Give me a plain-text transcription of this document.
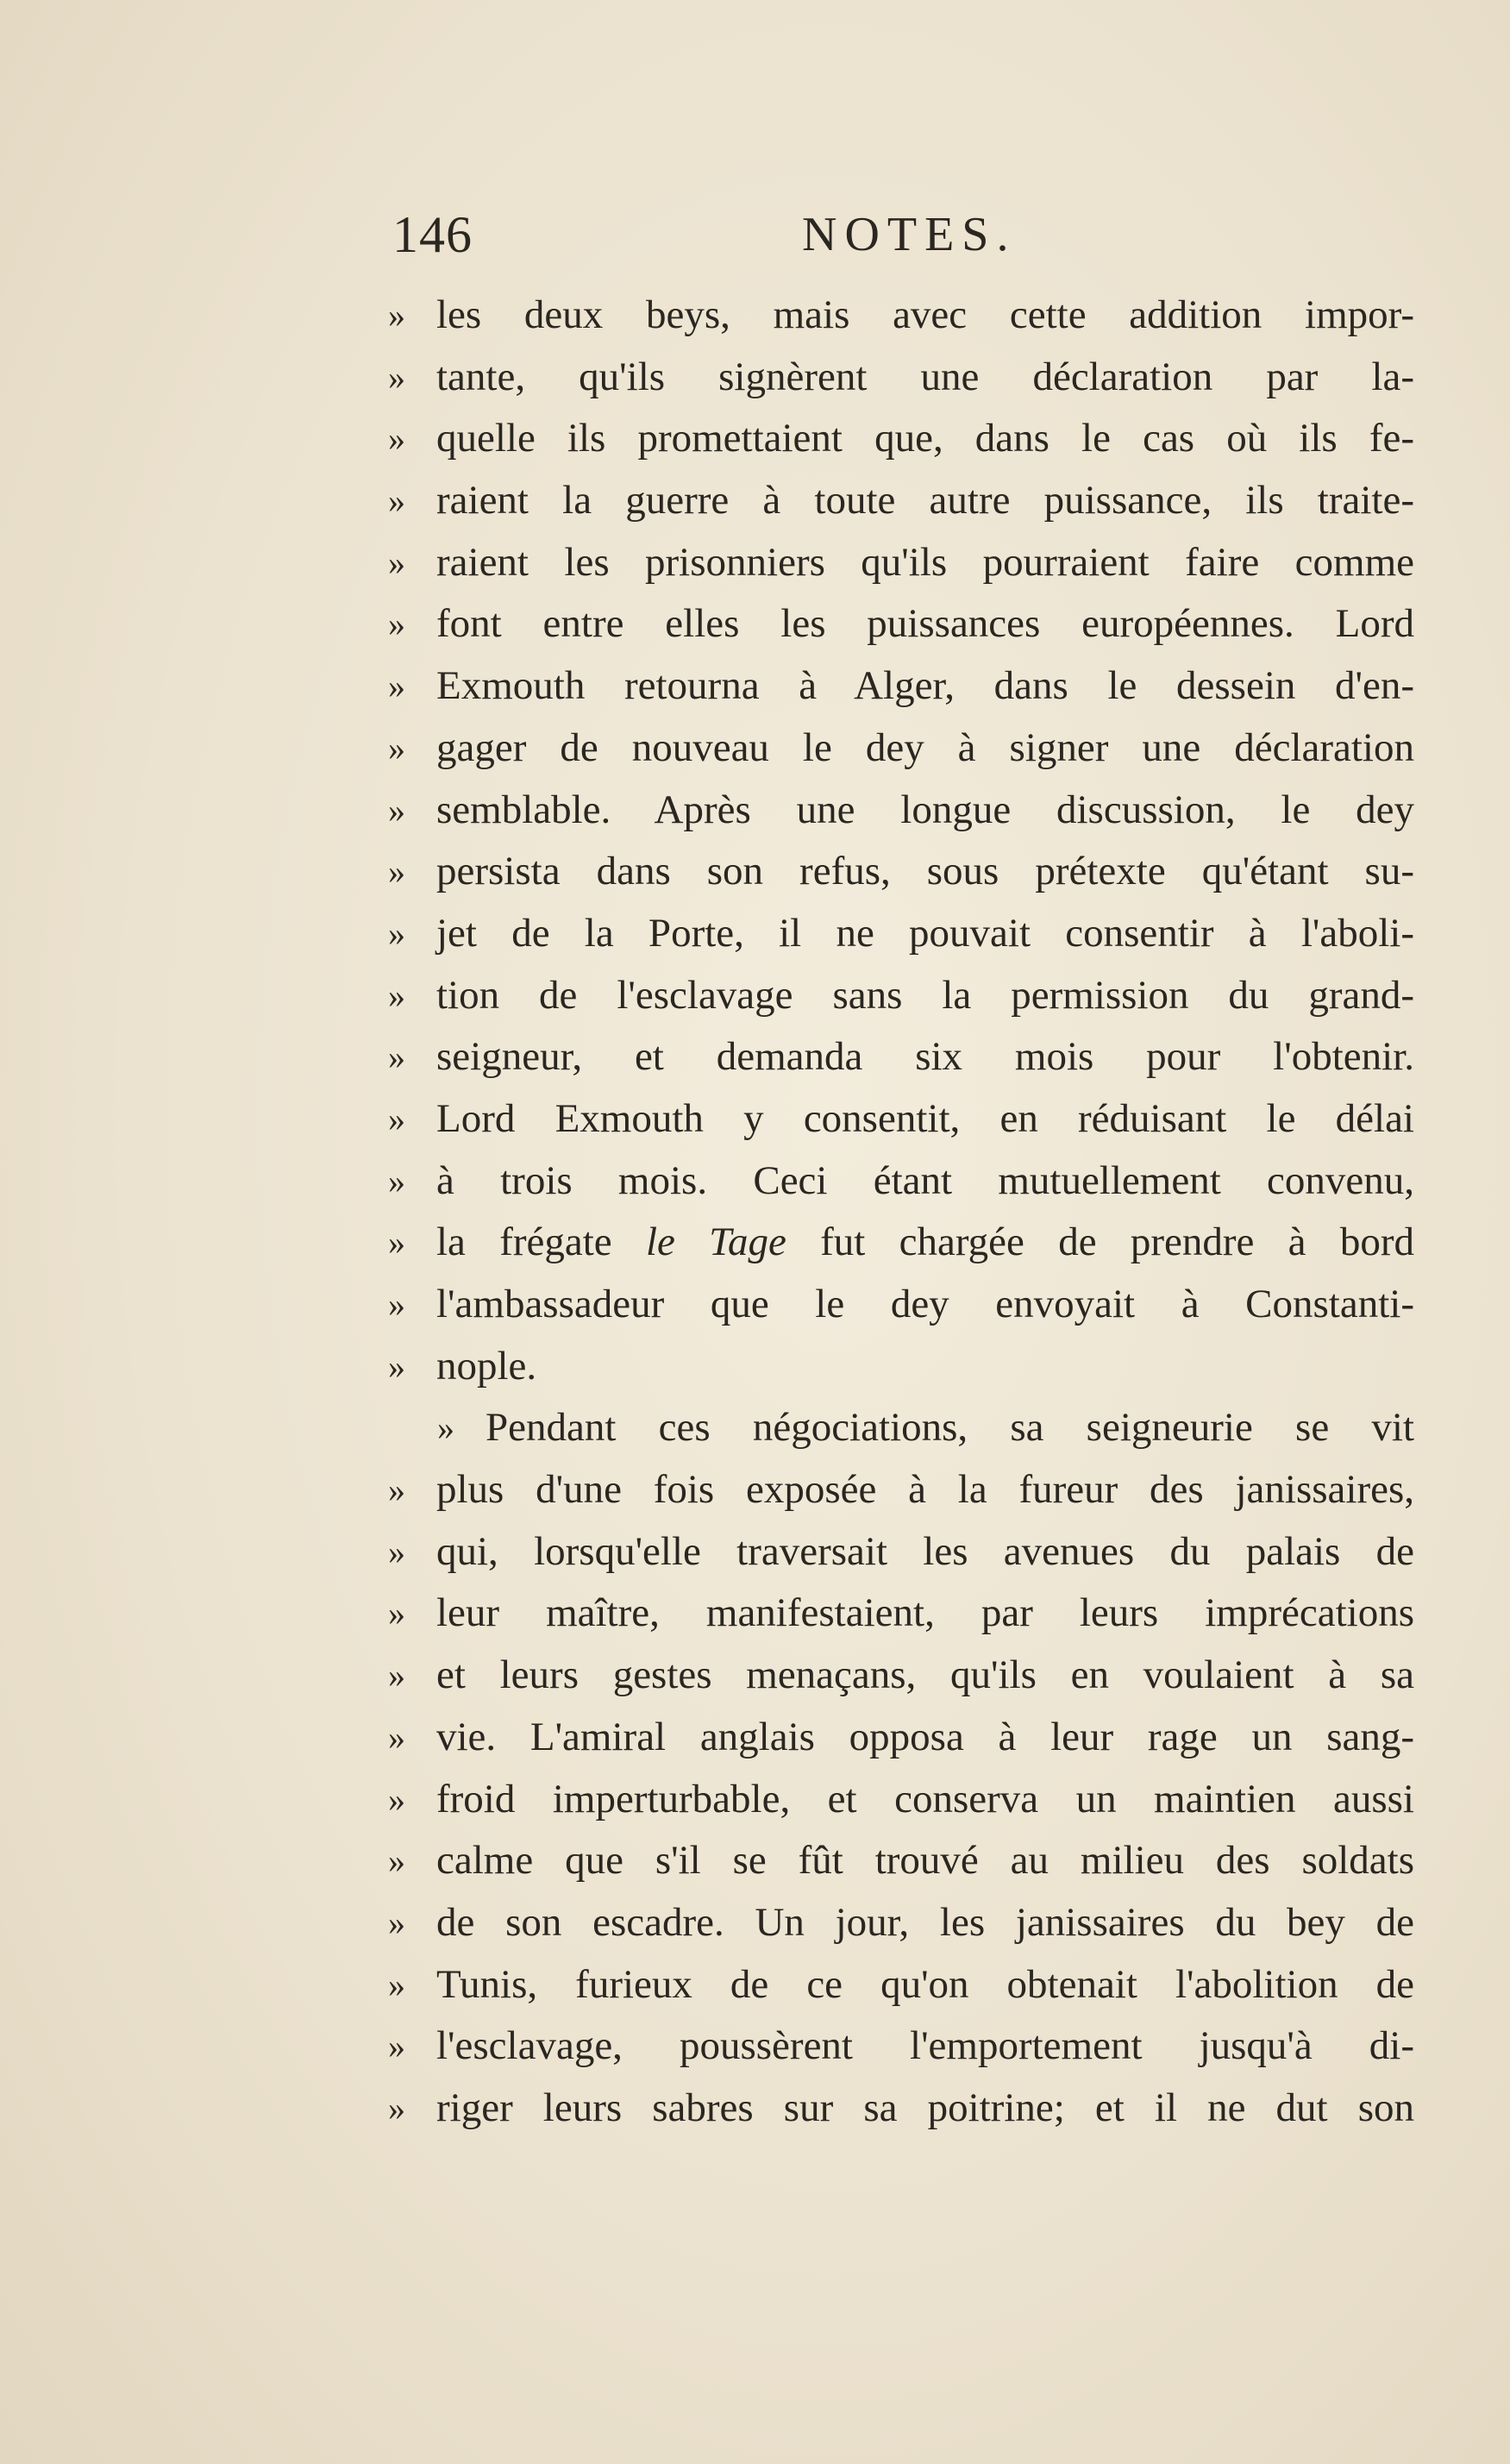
146	NOTES.
» les deux beys, mais avec cette addition impor-
» tante, qu'ils signèrent une déclaration par la-
» quelle ils promettaient que, dans le cas où ils fe-
» raient la guerre à toute autre puissance, ils traite-
» raient les prisonniers qu'ils pourraient faire comme
» font entre elles les puissances européennes. Lord
» Exmouth retourna à Alger, dans le dessein d'en-
» gager de nouveau le dey à signer une déclaration
» semblable. Après une longue discussion, le dey
» persista dans son refus, sous prétexte qu'étant su-
» jet de la Porte, il ne pouvait consentir à l'aboli-
» tion de l'esclavage sans la permission du grand-
» seigneur, et demanda six mois pour l'obtenir.
» Lord Exmouth y consentit, en réduisant le délai
» à trois mois. Ceci étant mutuellement convenu,
» la frégate le Tage fut chargée de prendre à bord
» l'ambassadeur que le dey envoyait à Constanti-
» nople.
» Pendant ces négociations, sa seigneurie se vit
» plus d'une fois exposée à la fureur des janissaires,
» qui, lorsqu'elle traversait les avenues du palais de
» leur maître, manifestaient, par leurs imprécations
» et leurs gestes menaçans, qu'ils en voulaient à sa
» vie. L'amiral anglais opposa à leur rage un sang-
» froid imperturbable, et conserva un maintien aussi
» calme que s'il se fût trouvé au milieu des soldats
» de son escadre. Un jour, les janissaires du bey de
» Tunis, furieux de ce qu'on obtenait l'abolition de
» l'esclavage, poussèrent l'emportement jusqu'à di-
» riger leurs sabres sur sa poitrine; et il ne dut son
